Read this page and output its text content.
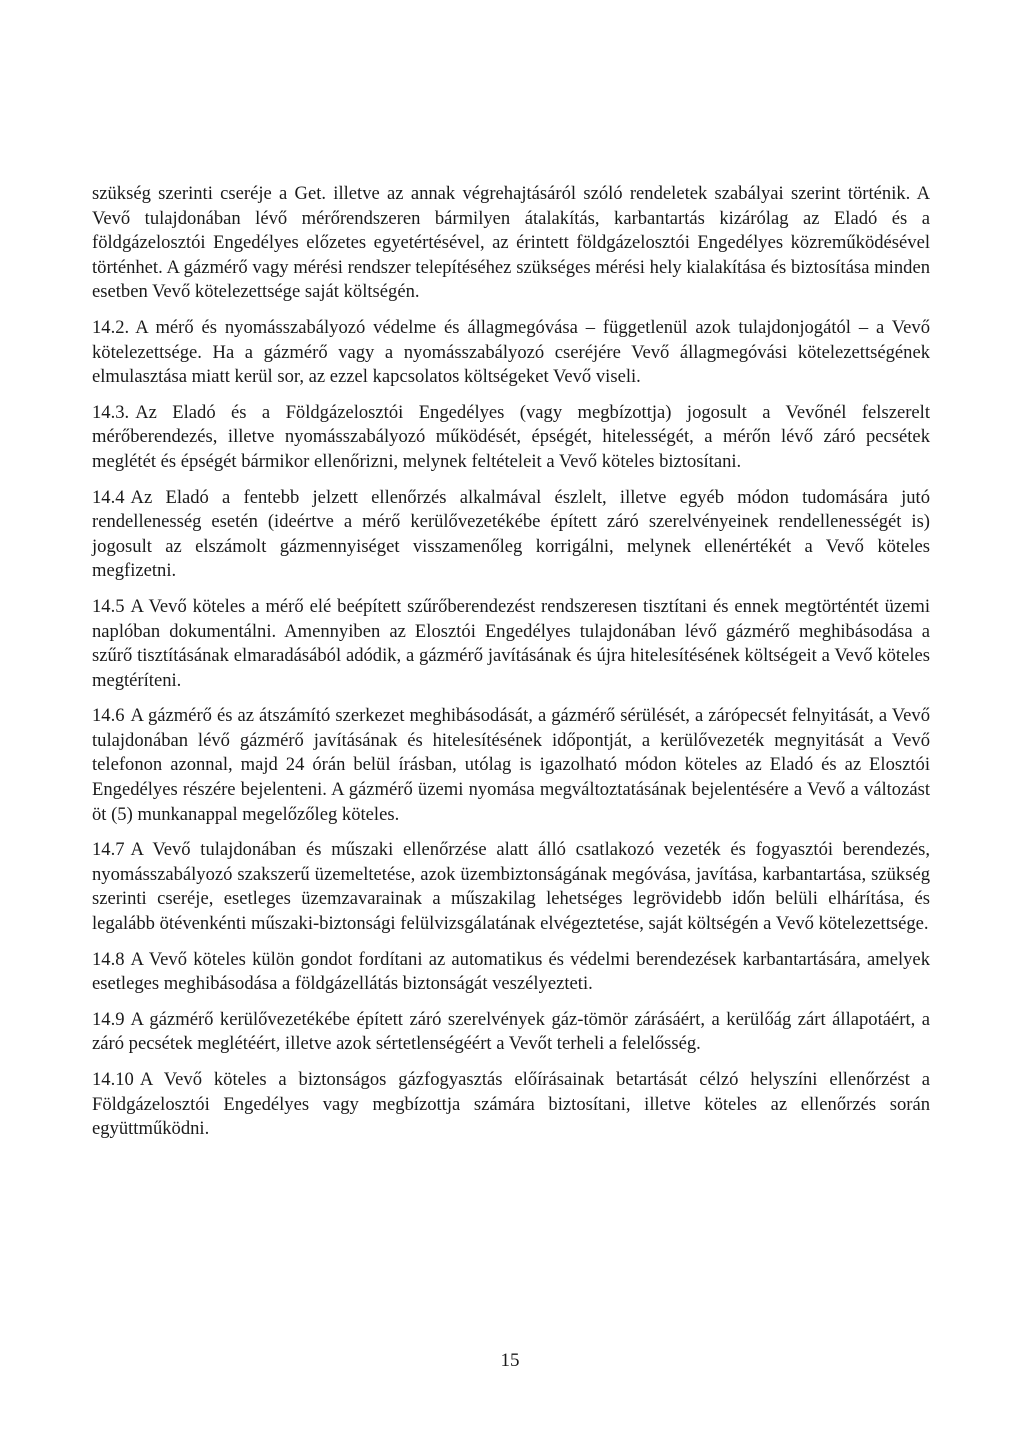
szükség szerinti cseréje a Get. illetve az annak végrehajtásáról szóló rendeletek szabályai szerint történik. A Vevő tulajdonában lévő mérőrendszeren bármilyen átalakítás, karbantartás kizárólag az Eladó és a földgázelosztói Engedélyes előzetes egyetértésével, az érintett földgázelosztói Engedélyes közreműködésével történhet. A gázmérő vagy mérési rendszer telepítéséhez szükséges mérési hely kialakítása és biztosítása minden esetben Vevő kötelezettsége saját költségén.

14.2. A mérő és nyomásszabályozó védelme és állagmegóvása – függetlenül azok tulajdonjogától – a Vevő kötelezettsége. Ha a gázmérő vagy a nyomásszabályozó cseréjére Vevő állagmegóvási kötelezettségének elmulasztása miatt kerül sor, az ezzel kapcsolatos költségeket Vevő viseli.

14.3. Az Eladó és a Földgázelosztói Engedélyes (vagy megbízottja) jogosult a Vevőnél felszerelt mérőberendezés, illetve nyomásszabályozó működését, épségét, hitelességét, a mérőn lévő záró pecsétek meglétét és épségét bármikor ellenőrizni, melynek feltételeit a Vevő köteles biztosítani.

14.4 Az Eladó a fentebb jelzett ellenőrzés alkalmával észlelt, illetve egyéb módon tudomására jutó rendellenesség esetén (ideértve a mérő kerülővezetékébe épített záró szerelvényeinek rendellenességét is) jogosult az elszámolt gázmennyiséget visszamenőleg korrigálni, melynek ellenértékét a Vevő köteles megfizetni.

14.5 A Vevő köteles a mérő elé beépített szűrőberendezést rendszeresen tisztítani és ennek megtörténtét üzemi naplóban dokumentálni. Amennyiben az Elosztói Engedélyes tulajdonában lévő gázmérő meghibásodása a szűrő tisztításának elmaradásából adódik, a gázmérő javításának és újra hitelesítésének költségeit a Vevő köteles megtéríteni.

14.6 A gázmérő és az átszámító szerkezet meghibásodását, a gázmérő sérülését, a zárópecsét felnyitását, a Vevő tulajdonában lévő gázmérő javításának és hitelesítésének időpontját, a kerülővezeték megnyitását a Vevő telefonon azonnal, majd 24 órán belül írásban, utólag is igazolható módon köteles az Eladó és az Elosztói Engedélyes részére bejelenteni. A gázmérő üzemi nyomása megváltoztatásának bejelentésére a Vevő a változást öt (5) munkanappal megelőzőleg köteles.

14.7 A Vevő tulajdonában és műszaki ellenőrzése alatt álló csatlakozó vezeték és fogyasztói berendezés, nyomásszabályozó szakszerű üzemeltetése, azok üzembiztonságának megóvása, javítása, karbantartása, szükség szerinti cseréje, esetleges üzemzavarainak a műszakilag lehetséges legrövidebb időn belüli elhárítása, és legalább ötévenkénti műszaki-biztonsági felülvizsgálatának elvégeztetése, saját költségén a Vevő kötelezettsége.

14.8 A Vevő köteles külön gondot fordítani az automatikus és védelmi berendezések karbantartására, amelyek esetleges meghibásodása a földgázellátás biztonságát veszélyezteti.

14.9 A gázmérő kerülővezetékébe épített záró szerelvények gáz-tömör zárásáért, a kerülőág zárt állapotáért, a záró pecsétek meglétéért, illetve azok sértetlenségéért a Vevőt terheli a felelősség.

14.10 A Vevő köteles a biztonságos gázfogyasztás előírásainak betartását célzó helyszíni ellenőrzést a Földgázelosztói Engedélyes vagy megbízottja számára biztosítani, illetve köteles az ellenőrzés során együttműködni.

15
